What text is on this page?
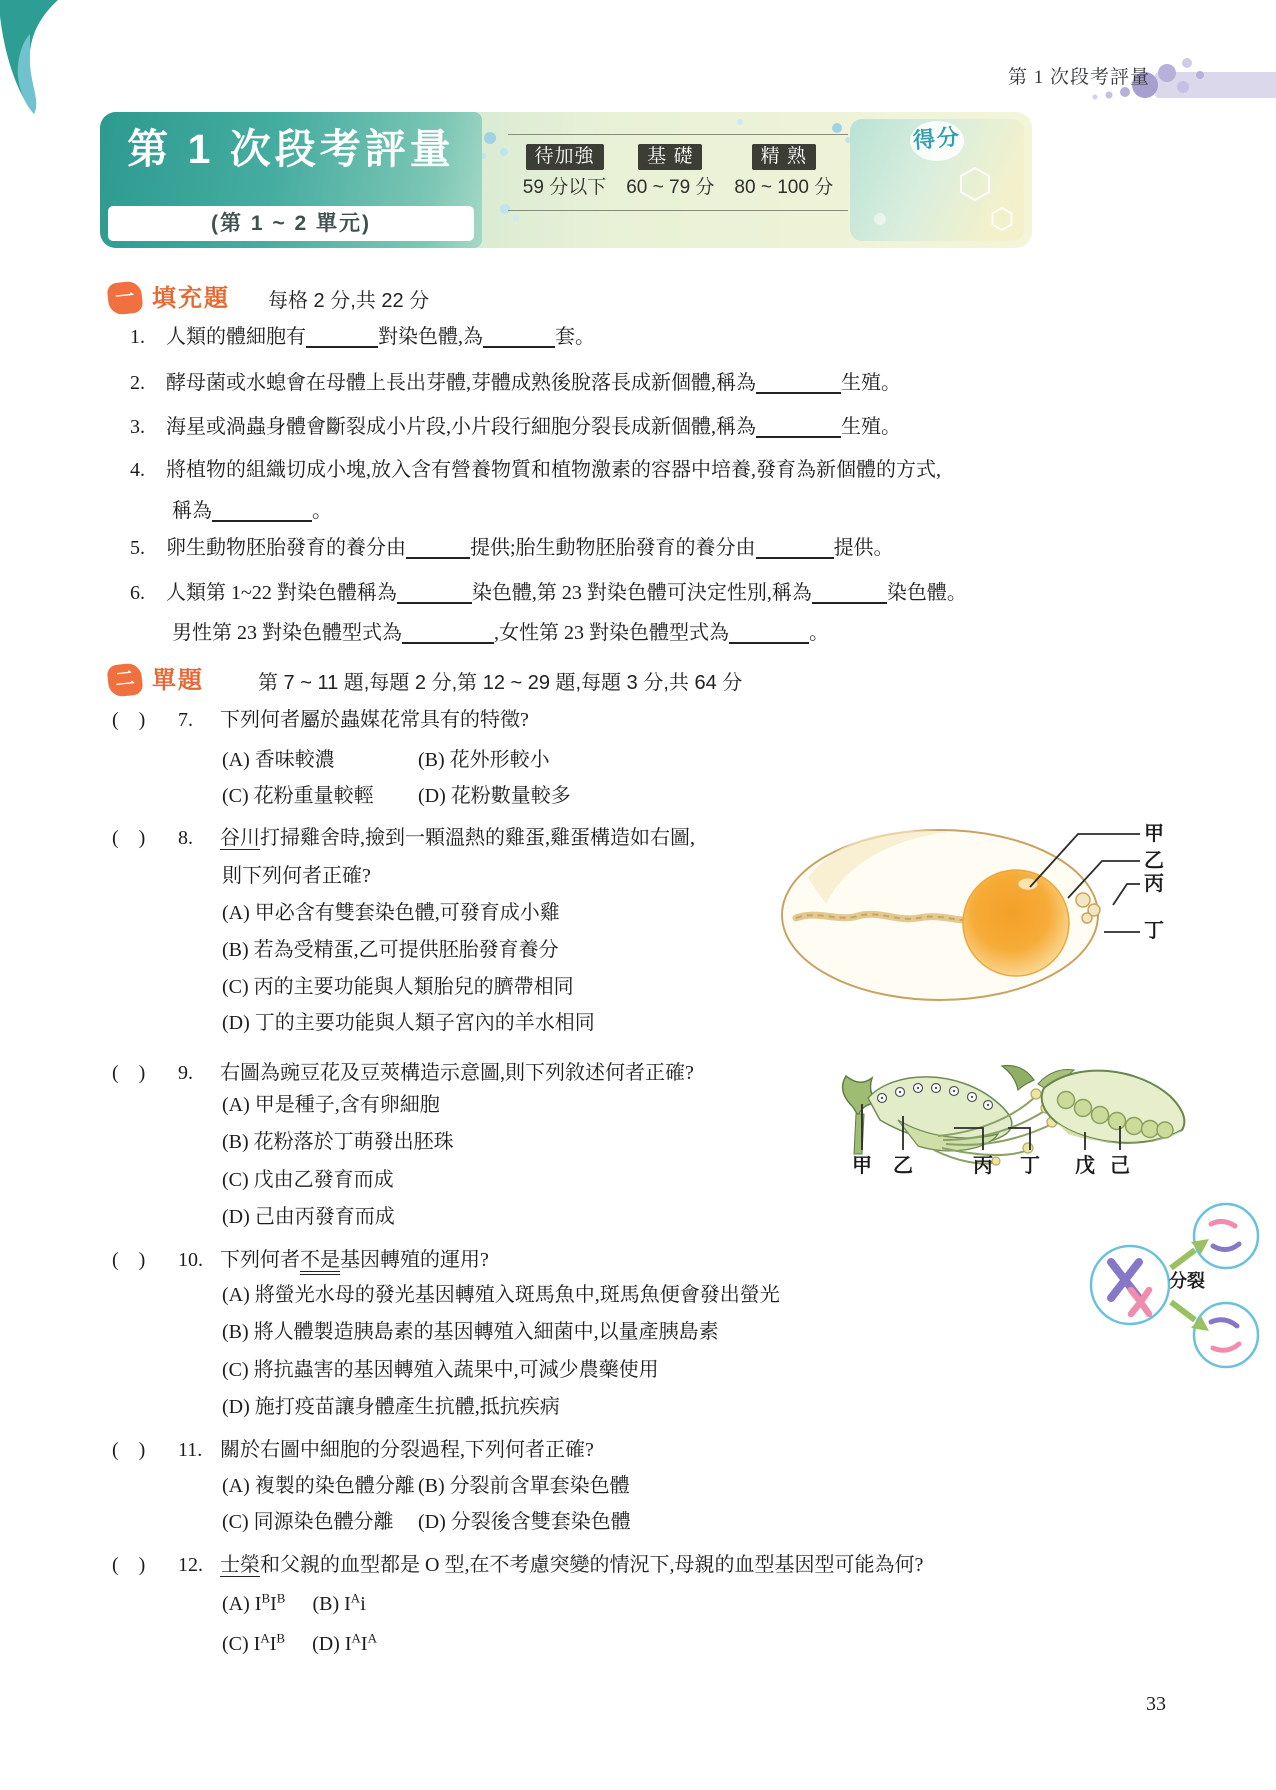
第 1 次段考評量
第 1 次段考評量
(第 1 ~ 2 單元)
待加強
59 分以下
基 礎
60 ~ 79 分
精 熟
80 ~ 100 分
得分
一 填充題 每格 2 分,共 22 分
1. 人類的體細胞有	對染色體,為	套。
2. 酵母菌或水螅會在母體上長出芽體,芽體成熟後脫落長成新個體,稱為	生殖。
3. 海星或渦蟲身體會斷裂成小片段,小片段行細胞分裂長成新個體,稱為	生殖。
4. 將植物的組織切成小塊,放入含有營養物質和植物激素的容器中培養,發育為新個體的方式,
稱為	。
5. 卵生動物胚胎發育的養分由	提供;胎生動物胚胎發育的養分由	提供。
6. 人類第 1~22 對染色體稱為	染色體,第 23 對染色體可決定性別,稱為	染色體。
男性第 23 對染色體型式為	,女性第 23 對染色體型式為	。
二 單題	第 7 ~ 11 題,每題 2 分,第 12 ~ 29 題,每題 3 分,共 64 分
(　) 7. 下列何者屬於蟲媒花常具有的特徵?
(A) 香味較濃	(B) 花外形較小
(C) 花粉重量較輕 (D) 花粉數量較多
(　) 8. 谷川打掃雞舍時,撿到一顆溫熱的雞蛋,雞蛋構造如右圖,
則下列何者正確?
(A) 甲必含有雙套染色體,可發育成小雞
(B) 若為受精蛋,乙可提供胚胎發育養分
(C) 丙的主要功能與人類胎兒的臍帶相同
(D) 丁的主要功能與人類子宮內的羊水相同
甲
乙
丙
丁
(　) 9. 右圖為豌豆花及豆莢構造示意圖,則下列敘述何者正確?
(A) 甲是種子,含有卵細胞
(B) 花粉落於丁萌發出胚珠
(C) 戊由乙發育而成
(D) 己由丙發育而成
甲 乙	丙 丁 戊 己
(　) 10. 下列何者不是基因轉殖的運用?
(A) 將螢光水母的發光基因轉殖入斑馬魚中,斑馬魚便會發出螢光
(B) 將人體製造胰島素的基因轉殖入細菌中,以量產胰島素
(C) 將抗蟲害的基因轉殖入蔬果中,可減少農藥使用
(D) 施打疫苗讓身體產生抗體,抵抗疾病
(　) 11. 關於右圖中細胞的分裂過程,下列何者正確?
(A) 複製的染色體分離 (B) 分裂前含單套染色體
(C) 同源染色體分離 (D) 分裂後含雙套染色體
分裂
(　) 12. 士榮和父親的血型都是 O 型,在不考慮突變的情況下,母親的血型基因型可能為何?
(A) $I^BI^B$ (B) $I^Ai$
(C) $I^AI^B$ (D) $I^AI^A$
33
